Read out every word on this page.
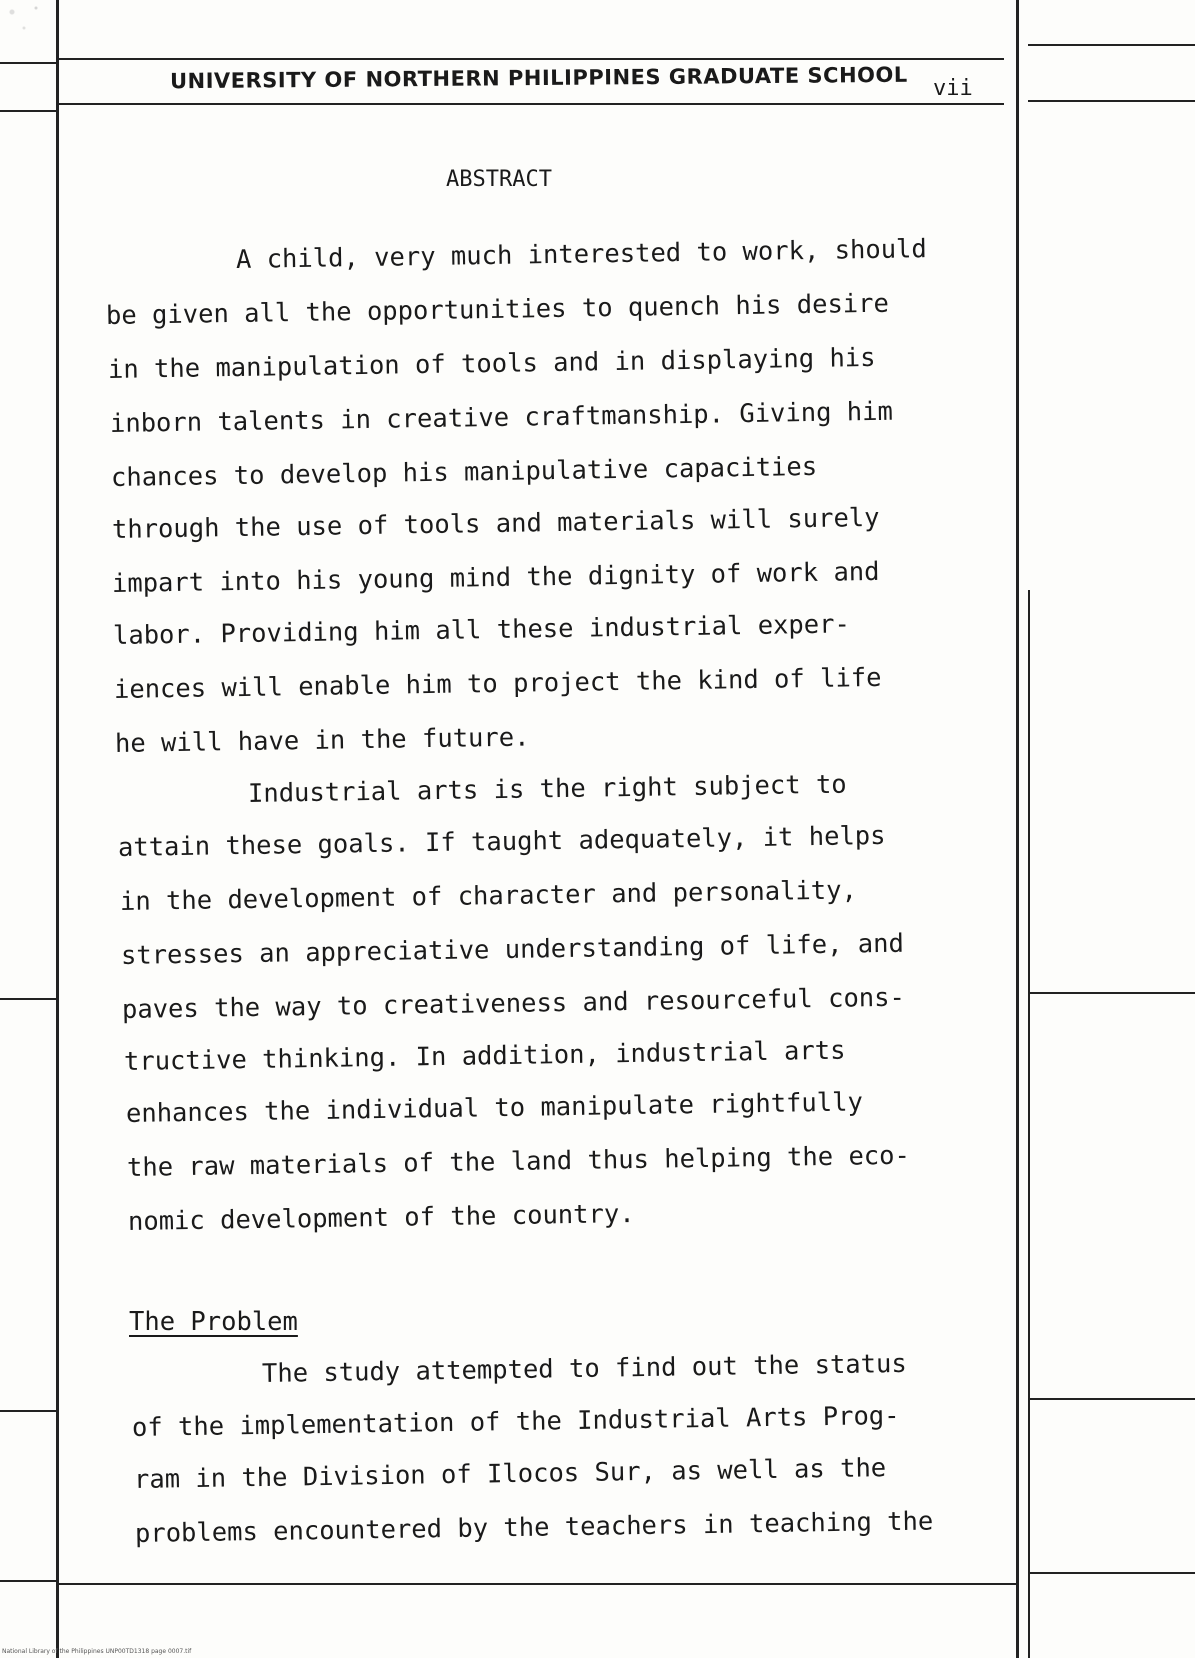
UNIVERSITY OF NORTHERN PHILIPPINES GRADUATE SCHOOL vii
ABSTRACT
A child, very much interested to work, should
be given all the opportunities to quench his desire
in the manipulation of tools and in displaying his
inborn talents in creative craftmanship. Giving him
chances to develop his manipulative capacities
through the use of tools and materials will surely
impart into his young mind the dignity of work and
labor. Providing him all these industrial exper-
iences will enable him to project the kind of life
he will have in the future.
Industrial arts is the right subject to
attain these goals. If taught adequately, it helps
in the development of character and personality,
stresses an appreciative understanding of life, and
paves the way to creativeness and resourceful cons-
tructive thinking. In addition, industrial arts
enhances the individual to manipulate rightfully
the raw materials of the land thus helping the eco-
nomic development of the country.
The Problem
The study attempted to find out the status
of the implementation of the Industrial Arts Prog-
ram in the Division of Ilocos Sur, as well as the
problems encountered by the teachers in teaching the
National Library of the Philippines UNP00TD1318 page 0007.tif
